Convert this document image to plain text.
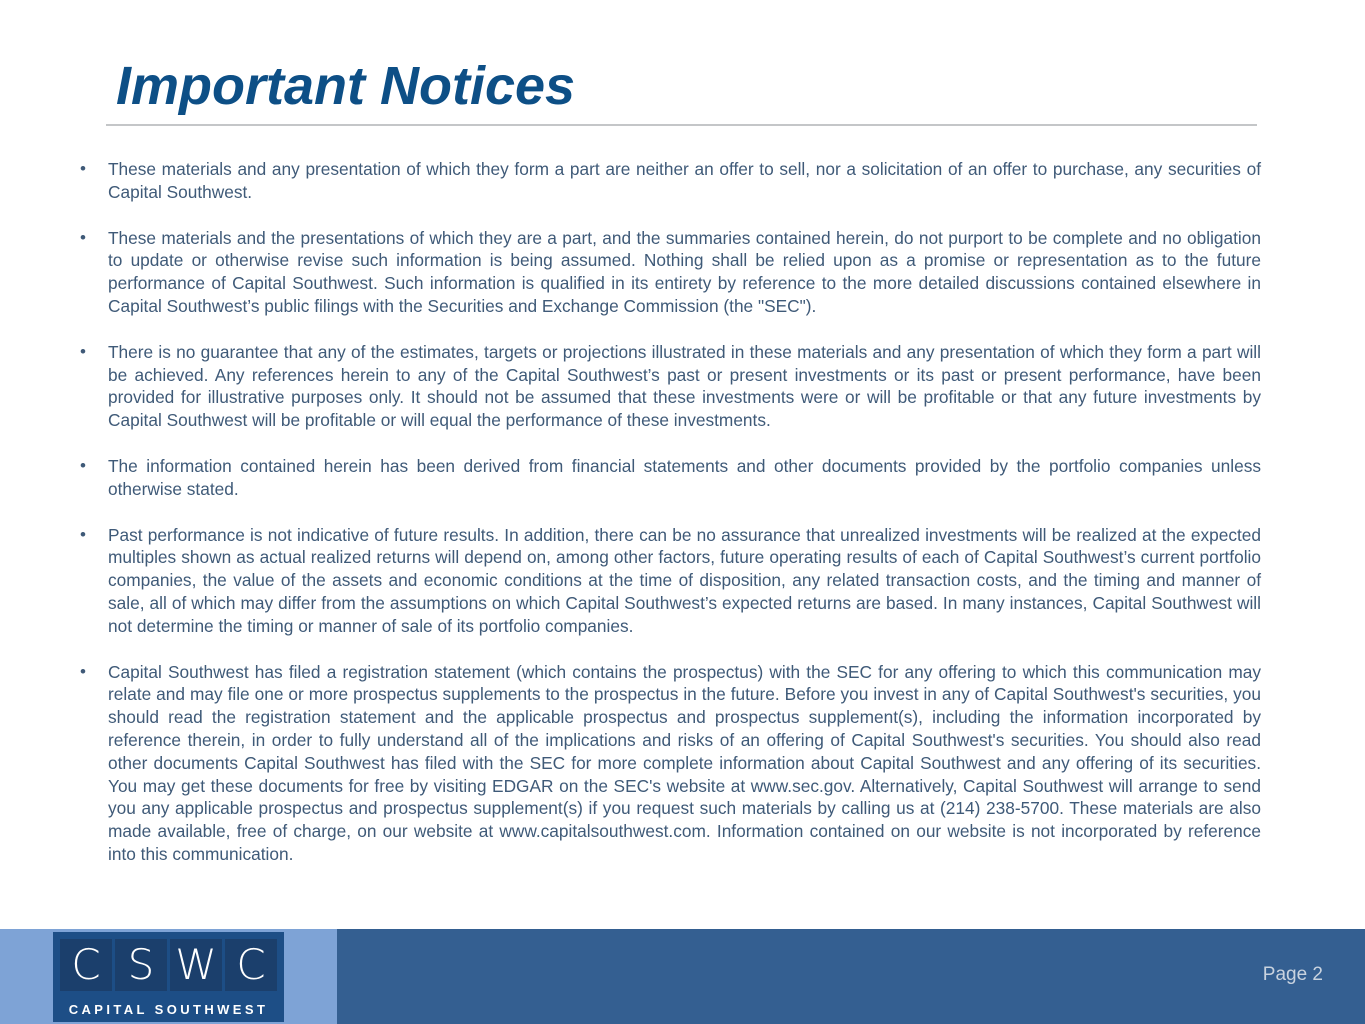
Important Notices
•	These materials and any presentation of which they form a part are neither an offer to sell, nor a solicitation of an offer to purchase, any securities of Capital Southwest.
•	These materials and the presentations of which they are a part, and the summaries contained herein, do not purport to be complete and no obligation to update or otherwise revise such information is being assumed. Nothing shall be relied upon as a promise or representation as to the future performance of Capital Southwest. Such information is qualified in its entirety by reference to the more detailed discussions contained elsewhere in Capital Southwest’s public filings with the Securities and Exchange Commission (the "SEC").
•	There is no guarantee that any of the estimates, targets or projections illustrated in these materials and any presentation of which they form a part will be achieved. Any references herein to any of the Capital Southwest’s past or present investments or its past or present performance, have been provided for illustrative purposes only. It should not be assumed that these investments were or will be profitable or that any future investments by Capital Southwest will be profitable or will equal the performance of these investments.
•	The information contained herein has been derived from financial statements and other documents provided by the portfolio companies unless otherwise stated.
•	Past performance is not indicative of future results. In addition, there can be no assurance that unrealized investments will be realized at the expected multiples shown as actual realized returns will depend on, among other factors, future operating results of each of Capital Southwest’s current portfolio companies, the value of the assets and economic conditions at the time of disposition, any related transaction costs, and the timing and manner of sale, all of which may differ from the assumptions on which Capital Southwest’s expected returns are based. In many instances, Capital Southwest will not determine the timing or manner of sale of its portfolio companies.
•	Capital Southwest has filed a registration statement (which contains the prospectus) with the SEC for any offering to which this communication may relate and may file one or more prospectus supplements to the prospectus in the future. Before you invest in any of Capital Southwest's securities, you should read the registration statement and the applicable prospectus and prospectus supplement(s), including the information incorporated by reference therein, in order to fully understand all of the implications and risks of an offering of Capital Southwest's securities. You should also read other documents Capital Southwest has filed with the SEC for more complete information about Capital Southwest and any offering of its securities. You may get these documents for free by visiting EDGAR on the SEC's website at www.sec.gov. Alternatively, Capital Southwest will arrange to send you any applicable prospectus and prospectus supplement(s) if you request such materials by calling us at (214) 238-5700. These materials are also made available, free of charge, on our website at www.capitalsouthwest.com. Information contained on our website is not incorporated by reference into this communication.
C S W C
CAPITAL SOUTHWEST
Page 2
